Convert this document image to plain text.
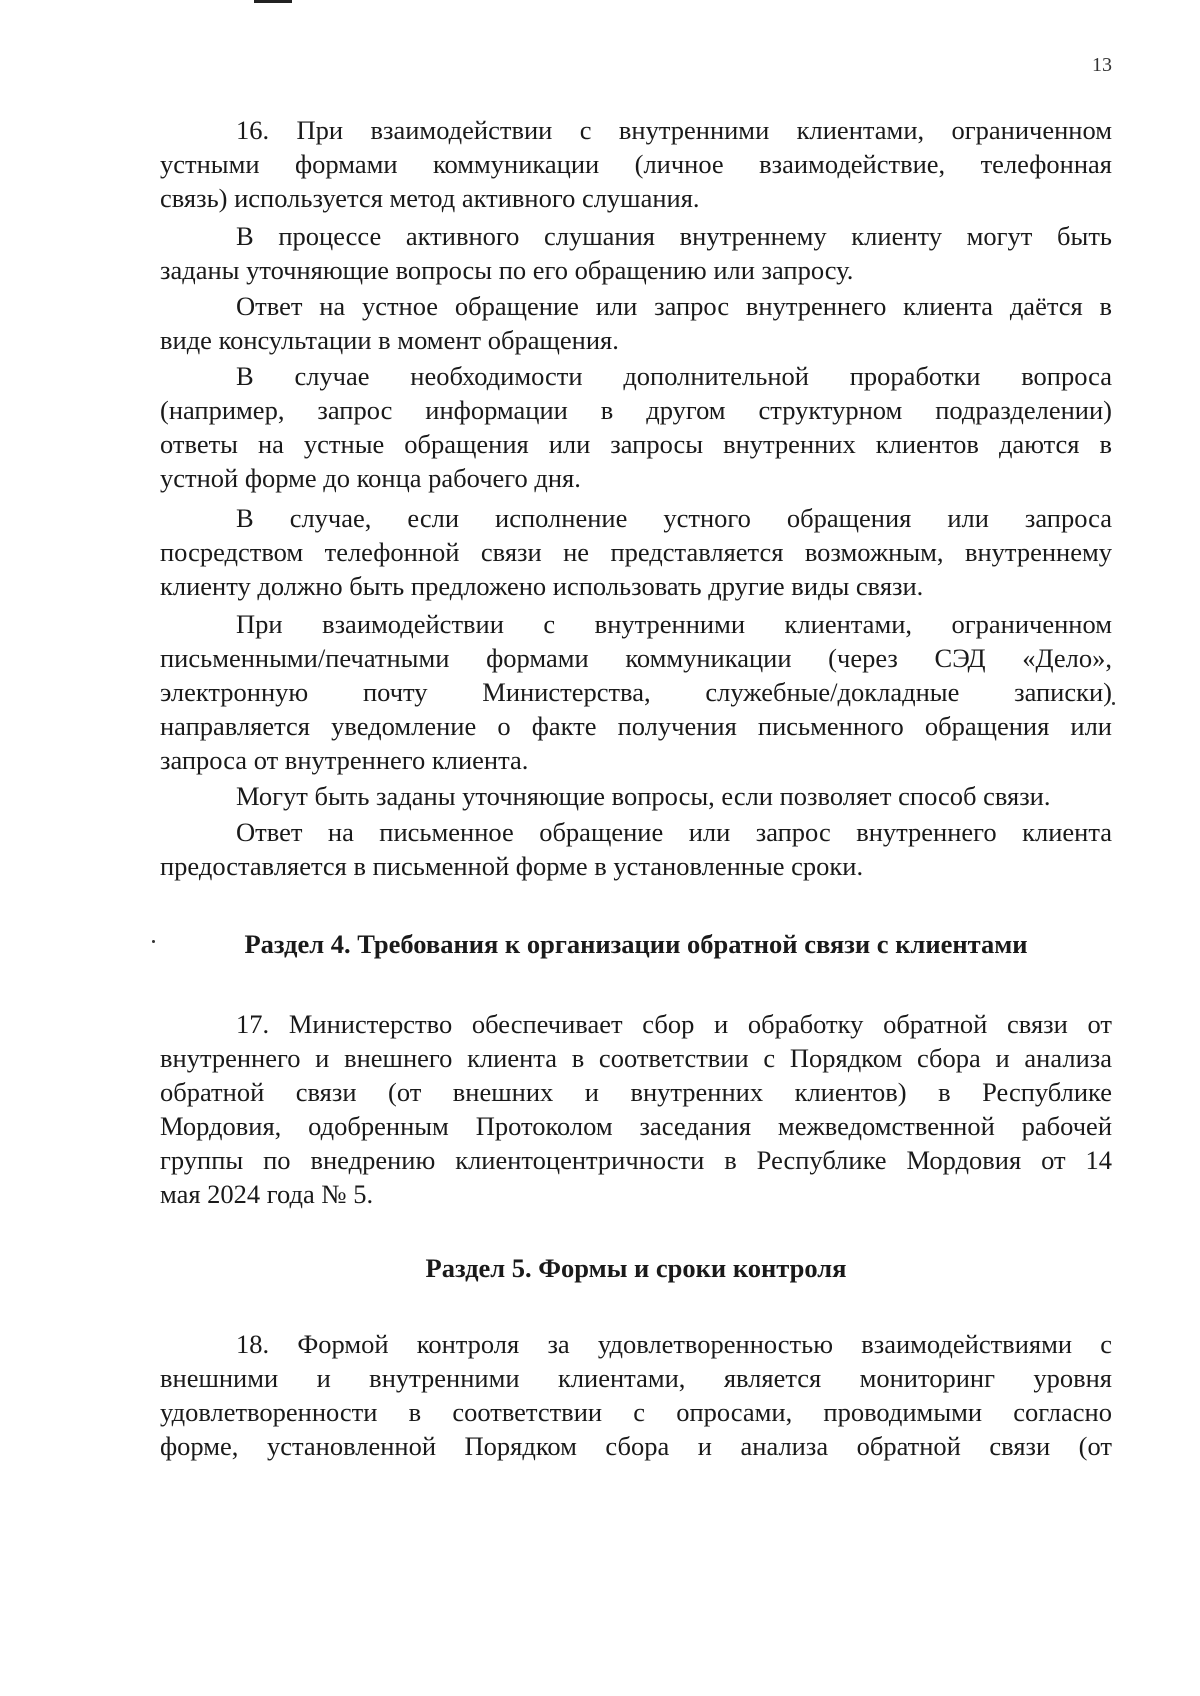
13
16. При взаимодействии с внутренними клиентами, ограниченном
устными формами коммуникации (личное взаимодействие, телефонная
связь) используется метод активного слушания.
В процессе активного слушания внутреннему клиенту могут быть
заданы уточняющие вопросы по его обращению или запросу.
Ответ на устное обращение или запрос внутреннего клиента даётся в
виде консультации в момент обращения.
В случае необходимости дополнительной проработки вопроса
(например, запрос информации в другом структурном подразделении)
ответы на устные обращения или запросы внутренних клиентов даются в
устной форме до конца рабочего дня.
В случае, если исполнение устного обращения или запроса
посредством телефонной связи не представляется возможным, внутреннему
клиенту должно быть предложено использовать другие виды связи.
При взаимодействии с внутренними клиентами, ограниченном
письменными/печатными формами коммуникации (через СЭД «Дело»,
электронную почту Министерства, служебные/докладные записки)
направляется уведомление о факте получения письменного обращения или
запроса от внутреннего клиента.
Могут быть заданы уточняющие вопросы, если позволяет способ связи.
Ответ на письменное обращение или запрос внутреннего клиента
предоставляется в письменной форме в установленные сроки.
Раздел 4. Требования к организации обратной связи с клиентами
17. Министерство обеспечивает сбор и обработку обратной связи от
внутреннего и внешнего клиента в соответствии с Порядком сбора и анализа
обратной связи (от внешних и внутренних клиентов) в Республике
Мордовия, одобренным Протоколом заседания межведомственной рабочей
группы по внедрению клиентоцентричности в Республике Мордовия от 14
мая 2024 года № 5.
Раздел 5. Формы и сроки контроля
18. Формой контроля за удовлетворенностью взаимодействиями с
внешними и внутренними клиентами, является мониторинг уровня
удовлетворенности в соответствии с опросами, проводимыми согласно
форме, установленной Порядком сбора и анализа обратной связи (от
